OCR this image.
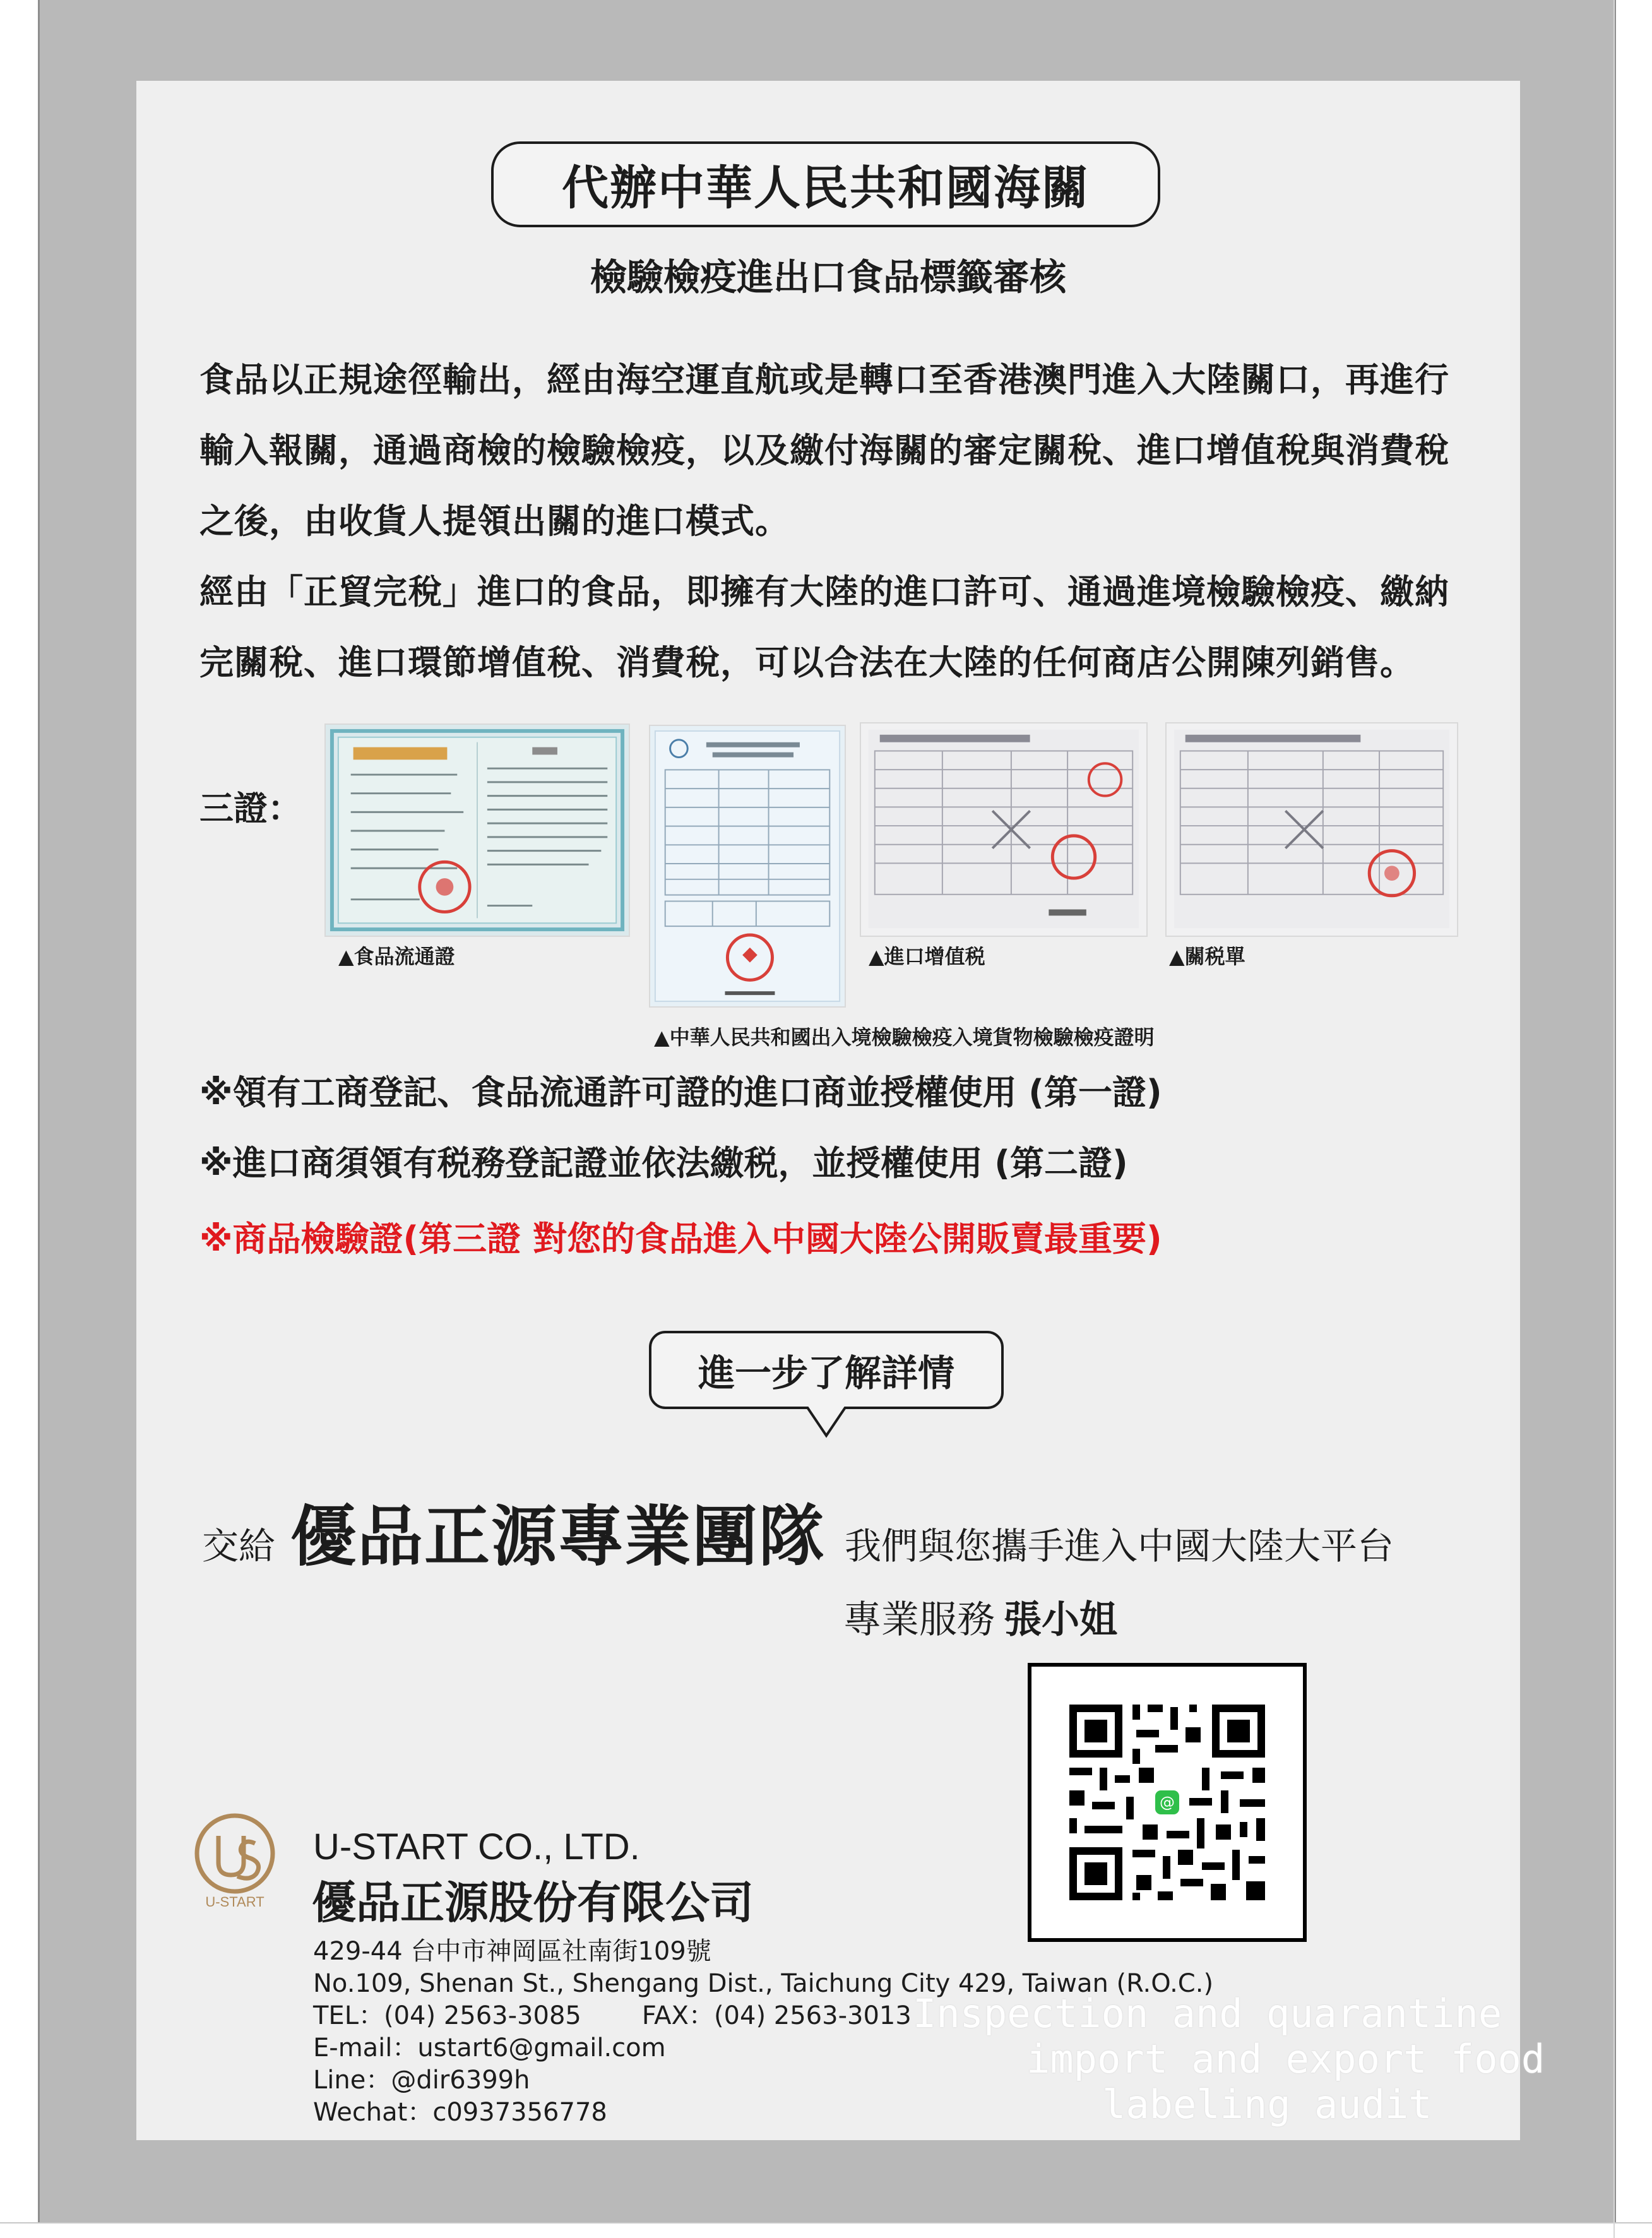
代辦中華人民共和國海關
檢驗檢疫進出口食品標籤審核

食品以正規途徑輸出，經由海空運直航或是轉口至香港澳門進入大陸關口，再進行輸入報關，通過商檢的檢驗檢疫，以及繳付海關的審定關稅、進口增值稅與消費稅之後，由收貨人提領出關的進口模式。

經由「正貿完稅」進口的食品，即擁有大陸的進口許可、通過進境檢驗檢疫、繳納完關稅、進口環節增值稅、消費稅，可以合法在大陸的任何商店公開陳列銷售。

三證：
▲食品流通證
▲中華人民共和國出入境檢驗檢疫入境貨物檢驗檢疫證明
▲進口增值税	▲關税單
※領有工商登記、食品流通許可證的進口商並授權使用 (第一證)
※進口商須領有税務登記證並依法繳税，並授權使用 (第二證)
※商品檢驗證(第三證 對您的食品進入中國大陸公開販賣最重要)
進一步了解詳情
交給 優品正源專業團隊 我們與您攜手進入中國大陸大平台
專業服務 張小姐
@
U-START
U-START CO., LTD.
優品正源股份有限公司
429-44 台中市神岡區社南街109號
No.109, Shenan St., Shengang Dist., Taichung City 429, Taiwan (R.O.C.)
TEL：(04) 2563-3085 FAX：(04) 2563-3013
E-mail：ustart6@gmail.com
Line：@dir6399h
Wechat：c0937356778
Inspection and quarantine
import and export food
labeling audit
